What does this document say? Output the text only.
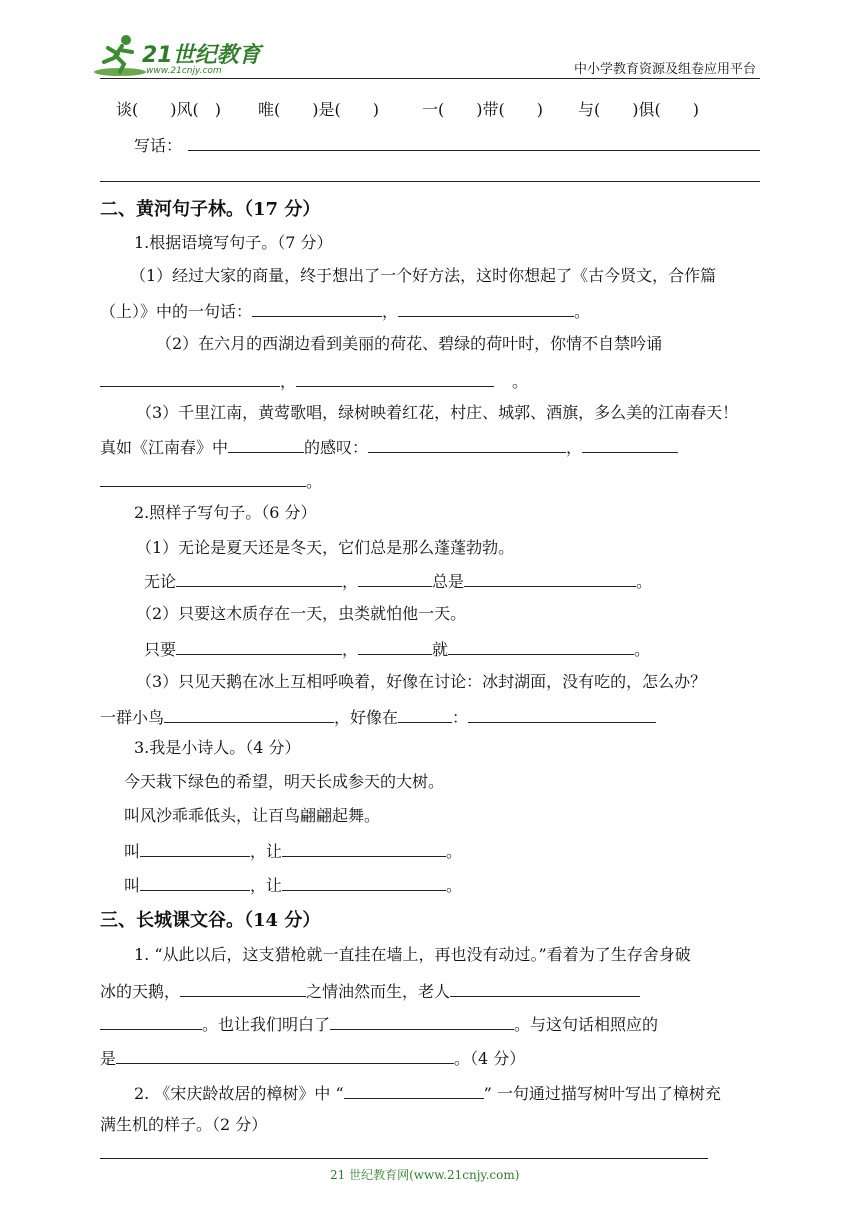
21世纪教育
www.21cnjy.com	中小学教育资源及组卷应用平台
谈(　　)风(　) 唯(　　)是(　　)	一(　　)带(　　) 与(　　)俱(　　)
写话：
二、黄河句子林。（17 分）
1.根据语境写句子。（7 分）
（1）经过大家的商量，终于想出了一个好方法，这时你想起了《古今贤文，合作篇
（上）》中的一句话：	，	。
（2）在六月的西湖边看到美丽的荷花、碧绿的荷叶时，你情不自禁吟诵
，	。
（3）千里江南，黄莺歌唱，绿树映着红花，村庄、城郭、酒旗，多么美的江南春天！
真如《江南春》中	的感叹：	，
。
2.照样子写句子。（6 分）
（1）无论是夏天还是冬天，它们总是那么蓬蓬勃勃。
无论	，	总是	。
（2）只要这木质存在一天，虫类就怕他一天。
只要	，	就	。
（3）只见天鹅在冰上互相呼唤着，好像在讨论：冰封湖面，没有吃的，怎么办？
一群小鸟	，好像在	：
3.我是小诗人。（4 分）
今天栽下绿色的希望，明天长成参天的大树。
叫风沙乖乖低头，让百鸟翩翩起舞。
叫	，让	。
叫	，让	。
三、长城课文谷。（14 分）
1. “从此以后，这支猎枪就一直挂在墙上，再也没有动过。”看着为了生存舍身破
冰的天鹅，	之情油然而生，老人
。也让我们明白了	。与这句话相照应的
是	。（4 分）
2. 《宋庆龄故居的樟树》中 “	” 一句通过描写树叶写出了樟树充
满生机的样子。（2 分）
21 世纪教育网(www.21cnjy.com)
